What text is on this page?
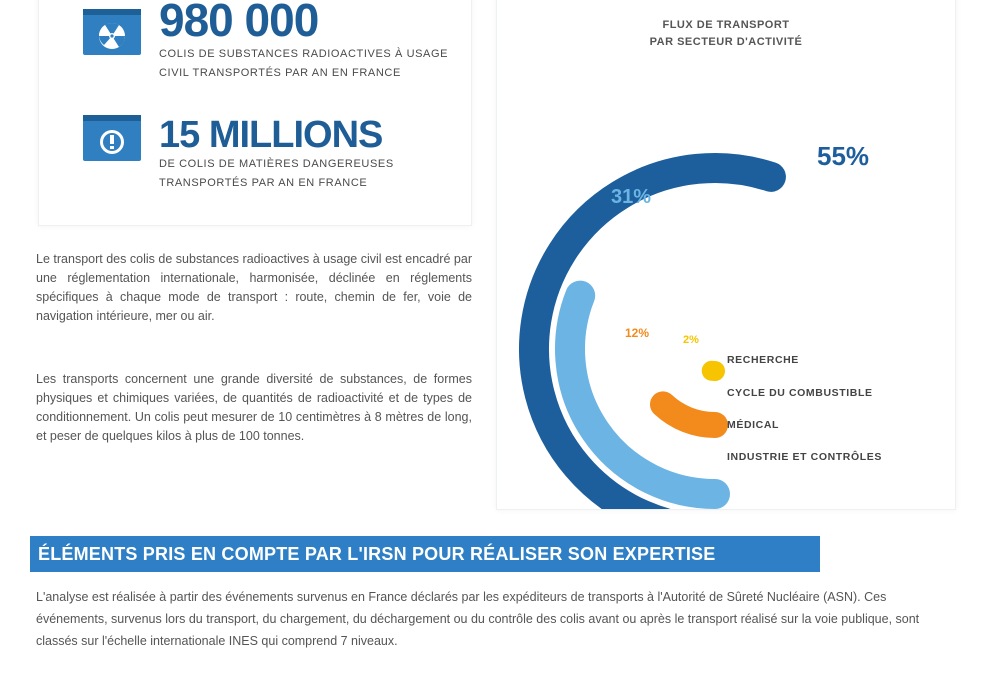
980 000
COLIS DE SUBSTANCES RADIOACTIVES À USAGE CIVIL TRANSPORTÉS PAR AN EN FRANCE
15 MILLIONS
DE COLIS DE MATIÈRES DANGEREUSES TRANSPORTÉS PAR AN EN FRANCE

Le transport des colis de substances radioactives à usage civil est encadré par une réglementation internationale, harmonisée, déclinée en réglements spécifiques à chaque mode de transport : route, chemin de fer, voie de navigation intérieure, mer ou air.

Les transports concernent une grande diversité de substances, de formes physiques et chimiques variées, de quantités de radioactivité et de types de conditionnement. Un colis peut mesurer de 10 centimètres à 8 mètres de long, et peser de quelques kilos à plus de 100 tonnes.

FLUX DE TRANSPORT
PAR SECTEUR D'ACTIVITÉ
55%
31%
12%	2%
RECHERCHE
CYCLE DU COMBUSTIBLE
MÉDICAL
INDUSTRIE ET CONTRÔLES
ÉLÉMENTS PRIS EN COMPTE PAR L'IRSN POUR RÉALISER SON EXPERTISE

L'analyse est réalisée à partir des événements survenus en France déclarés par les expéditeurs de transports à l'Autorité de Sûreté Nucléaire (ASN). Ces événements, survenus lors du transport, du chargement, du déchargement ou du contrôle des colis avant ou après le transport réalisé sur la voie publique, sont classés sur l'échelle internationale INES qui comprend 7 niveaux.
